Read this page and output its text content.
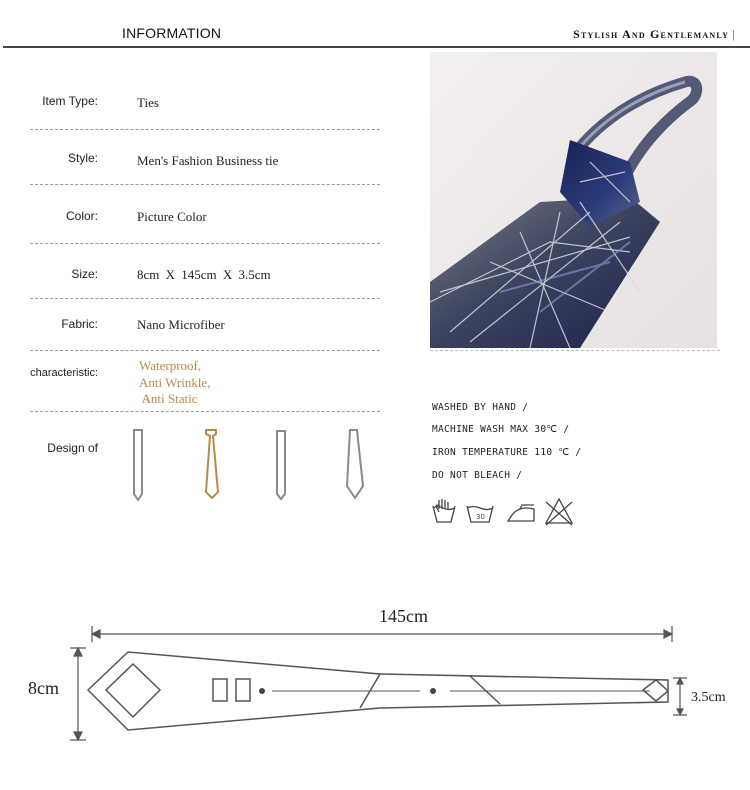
INFORMATION	Stylish And Gentlemanly |
Item Type:	Ties
Style:	Men's Fashion Business tie
Color:	Picture Color
Size:	8cm X 145cm X 3.5cm
Fabric:	Nano Microfiber
characteristic:	Waterproof,
Anti Wrinkle,
Anti Static
Design of
WASHED BY HAND /
MACHINE WASH MAX 30℃ /
IRON TEMPERATURE 110 ℃ /
DO NOT BLEACH /
30
145cm
8cm	3.5cm
